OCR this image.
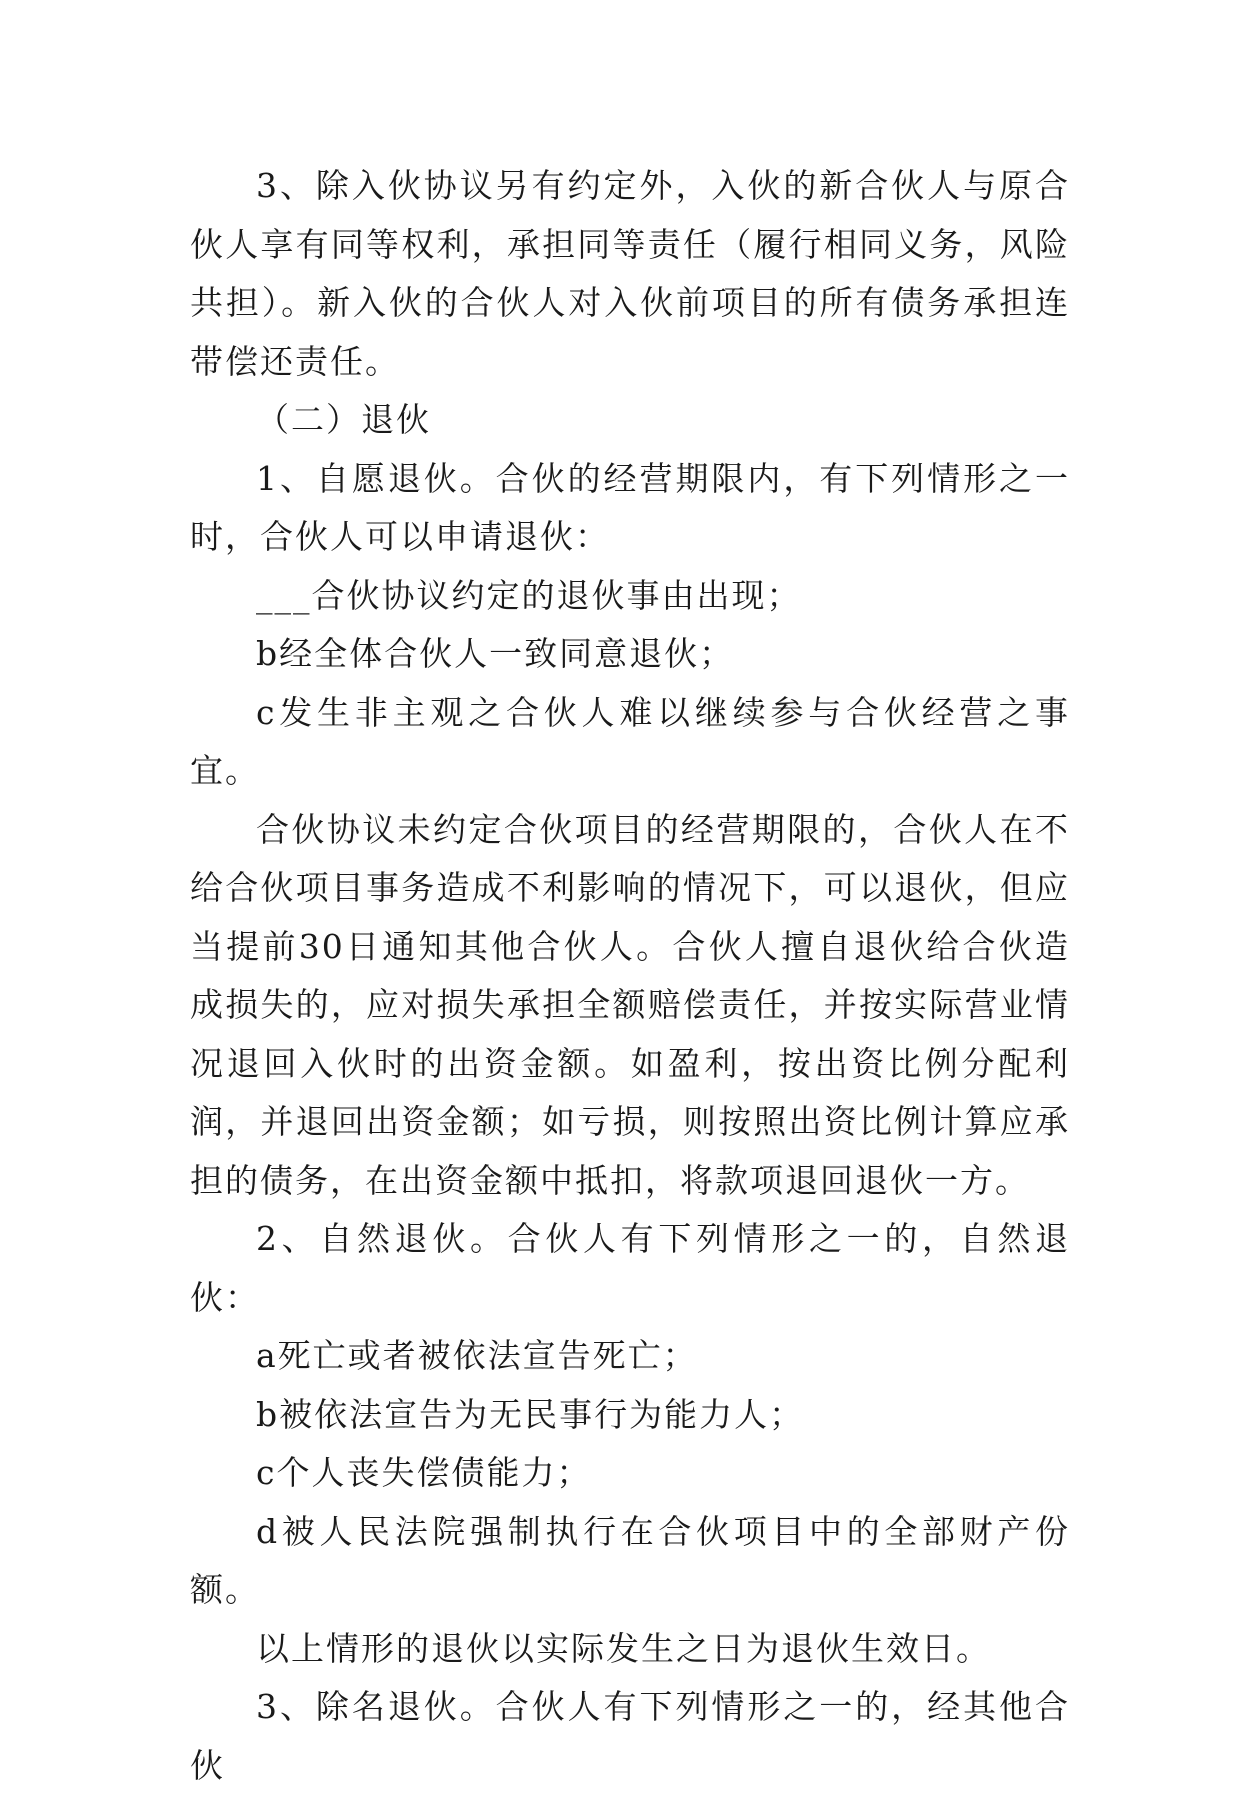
3、除入伙协议另有约定外，入伙的新合伙人与原合伙人享有同等权利，承担同等责任（履行相同义务，风险共担）。新入伙的合伙人对入伙前项目的所有债务承担连带偿还责任。

（二）退伙

1、自愿退伙。合伙的经营期限内，有下列情形之一时，合伙人可以申请退伙：

___合伙协议约定的退伙事由出现；

b经全体合伙人一致同意退伙；

c发生非主观之合伙人难以继续参与合伙经营之事宜。

合伙协议未约定合伙项目的经营期限的，合伙人在不给合伙项目事务造成不利影响的情况下，可以退伙，但应当提前30日通知其他合伙人。合伙人擅自退伙给合伙造成损失的，应对损失承担全额赔偿责任，并按实际营业情况退回入伙时的出资金额。如盈利，按出资比例分配利润，并退回出资金额；如亏损，则按照出资比例计算应承担的债务，在出资金额中抵扣，将款项退回退伙一方。

2、自然退伙。合伙人有下列情形之一的，自然退伙：

a死亡或者被依法宣告死亡；

b被依法宣告为无民事行为能力人；

c个人丧失偿债能力；

d被人民法院强制执行在合伙项目中的全部财产份额。

以上情形的退伙以实际发生之日为退伙生效日。

3、除名退伙。合伙人有下列情形之一的，经其他合伙
